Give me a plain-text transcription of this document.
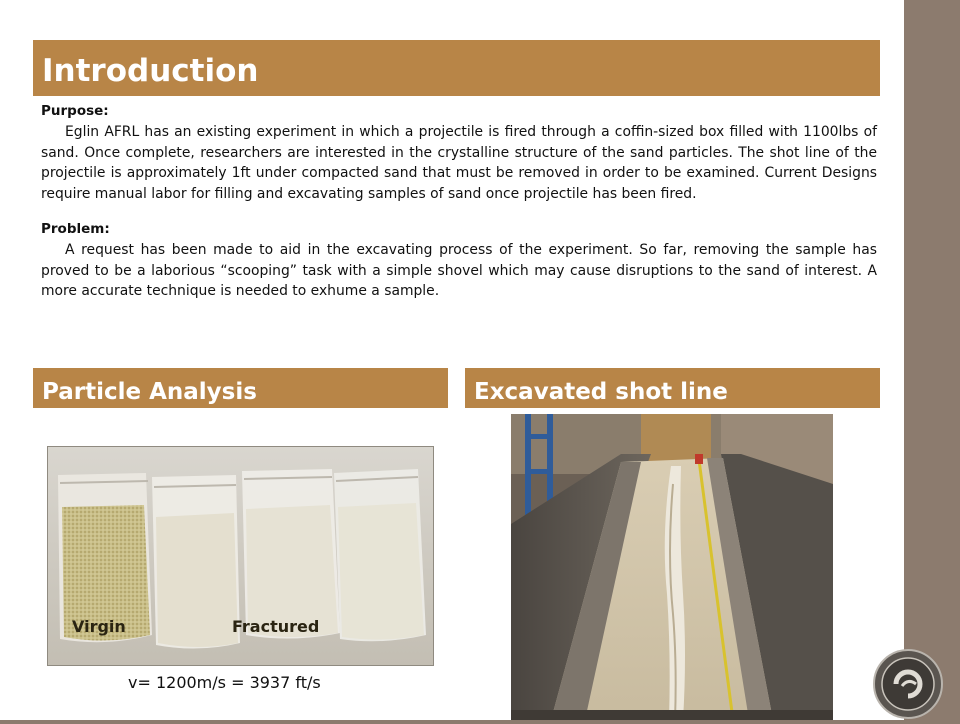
Introduction

Purpose:

Eglin AFRL has an existing experiment in which a projectile is fired through a coffin-sized box filled with 1100lbs of sand. Once complete, researchers are interested in the crystalline structure of the sand particles. The shot line of the projectile is approximately 1ft under compacted sand that must be removed in order to be examined. Current Designs require manual labor for filling and excavating samples of sand once projectile has been fired.

Problem:

A request has been made to aid in the excavating process of the experiment. So far, removing the sample has proved to be a laborious “scooping” task with a simple shovel which may cause disruptions to the sand of interest. A more accurate technique is needed to exhume a sample.

Particle Analysis	Excavated shot line
Virgin	Fractured
v= 1200m/s = 3937 ft/s
